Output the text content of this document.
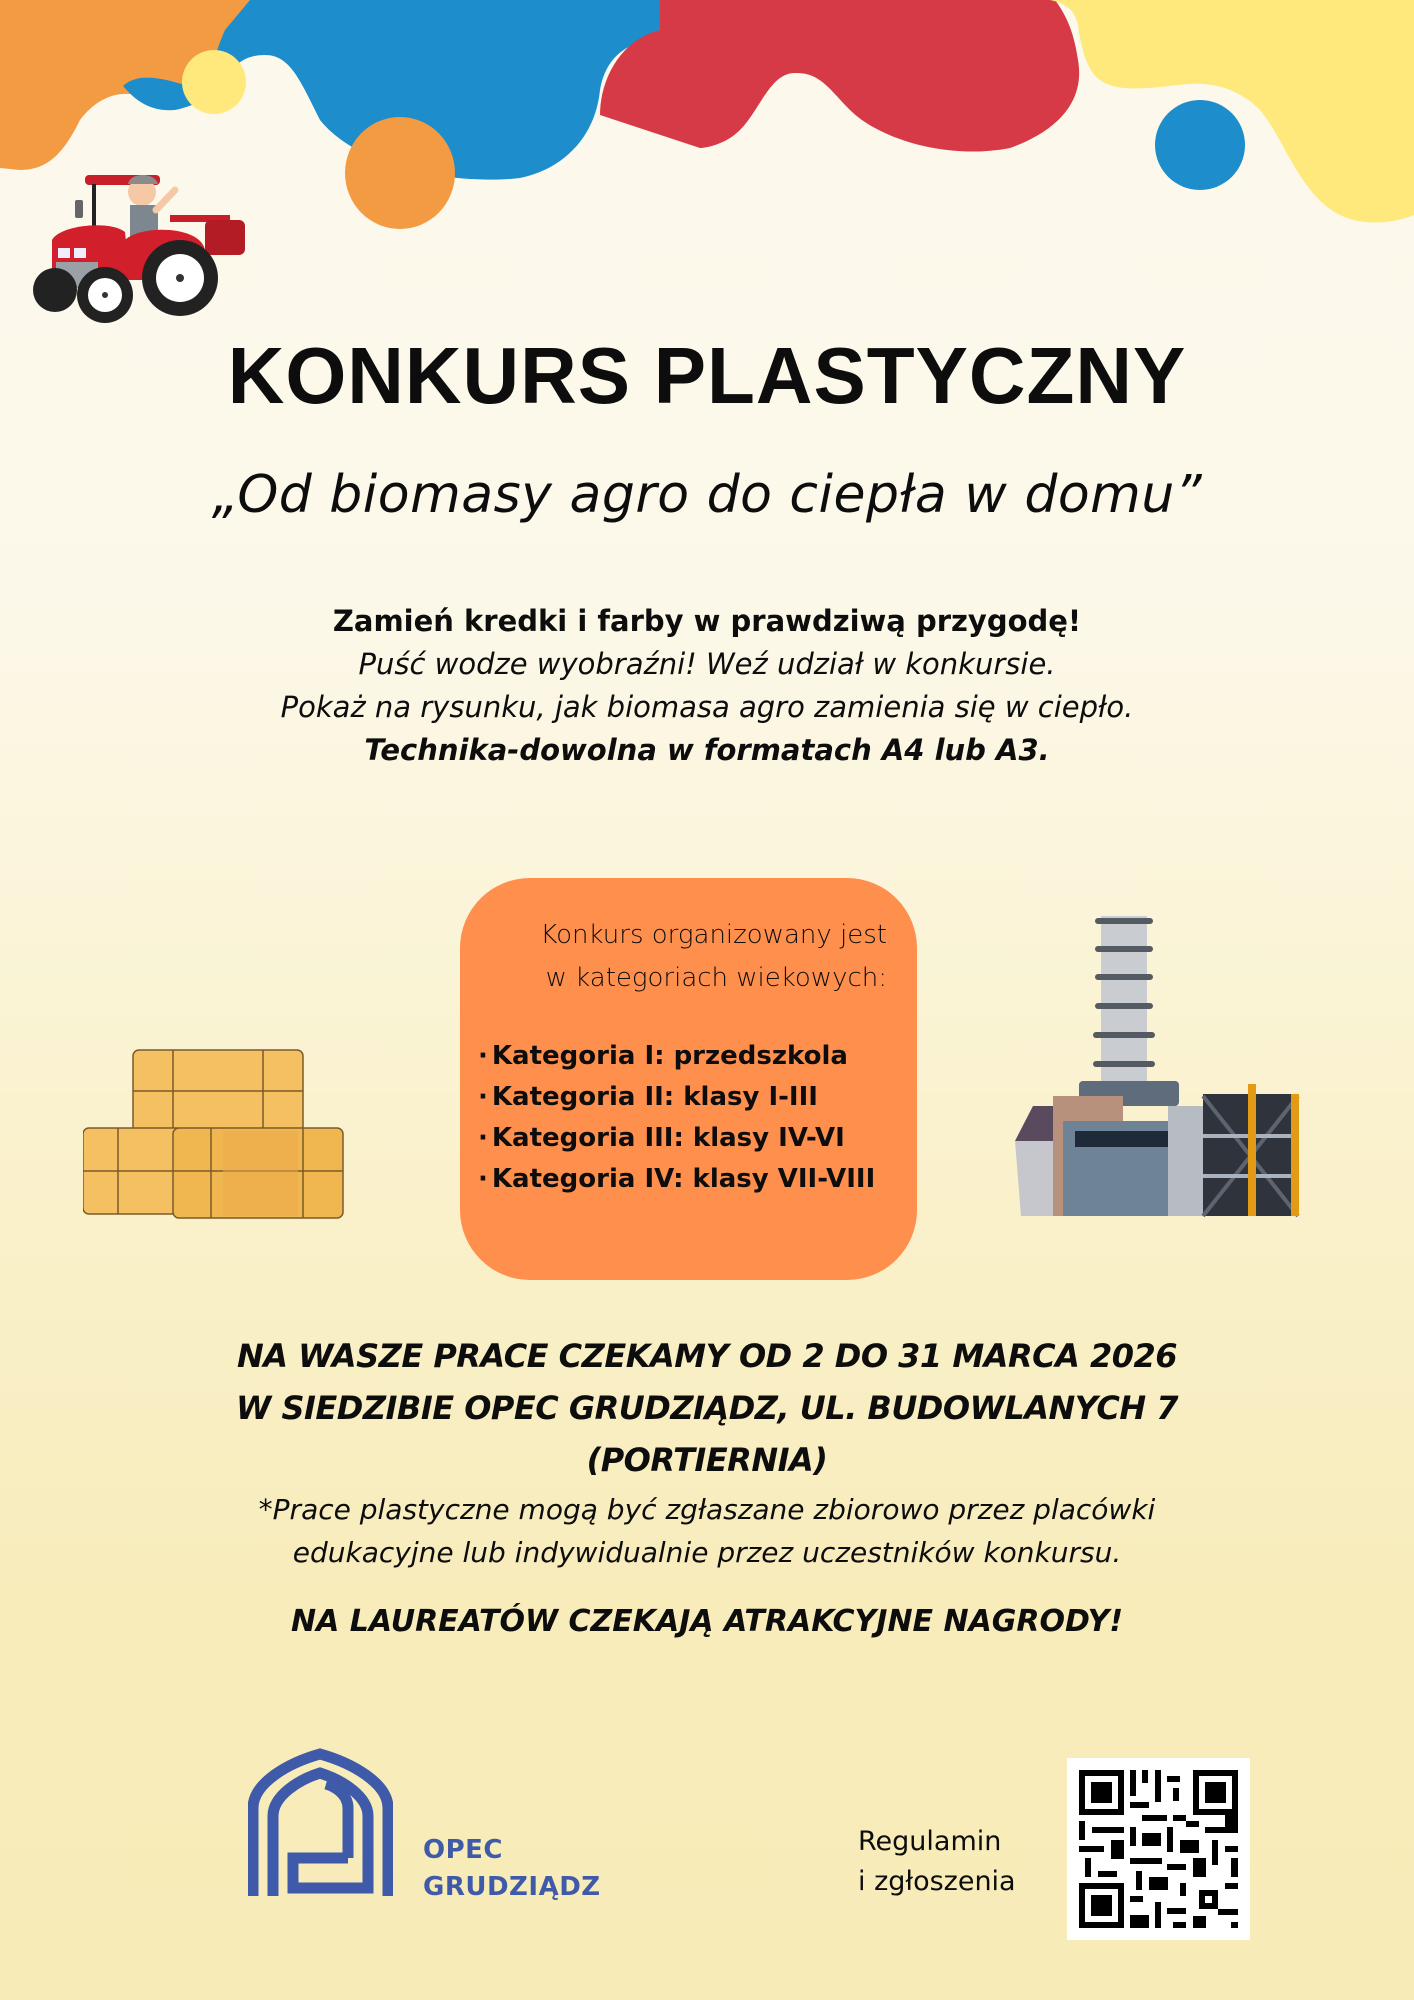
KONKURS PLASTYCZNY
„Od biomasy agro do ciepła w domu”
Zamień kredki i farby w prawdziwą przygodę!
Puść wodze wyobraźni! Weź udział w konkursie.
Pokaż na rysunku, jak biomasa agro zamienia się w ciepło.
Technika-dowolna w formatach A4 lub A3.
Konkurs organizowany jest
w kategoriach wiekowych:
· Kategoria I: przedszkola
· Kategoria II: klasy I-III
· Kategoria III: klasy IV-VI
· Kategoria IV: klasy VII-VIII
NA WASZE PRACE CZEKAMY OD 2 DO 31 MARCA 2026
W SIEDZIBIE OPEC GRUDZIĄDZ, UL. BUDOWLANYCH 7
(PORTIERNIA)
*Prace plastyczne mogą być zgłaszane zbiorowo przez placówki
edukacyjne lub indywidualnie przez uczestników konkursu.
NA LAUREATÓW CZEKAJĄ ATRAKCYJNE NAGRODY!
OPEC
GRUDZIĄDZ
Regulamin
i zgłoszenia
